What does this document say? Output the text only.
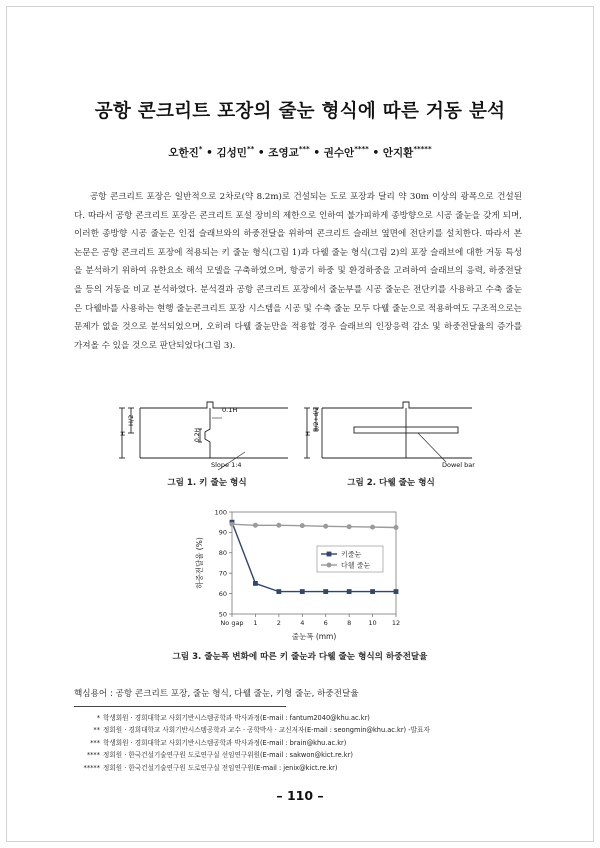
공항 콘크리트 포장의 줄눈 형식에 따른 거동 분석
오한진* • 김성민** • 조영교*** • 권수안**** • 안지환*****

공항 콘크리트 포장은 일반적으로 2차로(약 8.2m)로 건설되는 도로 포장과 달리 약 30m 이상의 광폭으로 건설된다. 따라서 공항 콘크리트 포장은 콘크리트 포설 장비의 제한으로 인하여 불가피하게 종방향으로 시공 줄눈을 갖게 되며, 이러한 종방향 시공 줄눈은 인접 슬래브와의 하중전달을 위하여 콘크리트 슬래브 옆면에 전단키를 설치한다. 따라서 본 논문은 공항 콘크리트 포장에 적용되는 키 줄눈 형식(그림 1)과 다웰 줄눈 형식(그림 2)의 포장 슬래브에 대한 거동 특성을 분석하기 위하여 유한요소 해석 모델을 구축하였으며, 항공기 하중 및 환경하중을 고려하여 슬래브의 응력, 하중전달을 등의 거동을 비교 분석하였다. 분석결과 공항 콘크리트 포장에서 줄눈부를 시공 줄눈은 전단키를 사용하고 수축 줄눈은 다웰바를 사용하는 현행 줄눈콘크리트 포장 시스템을 시공 및 수축 줄눈 모두 다웰 줄눈으로 적용하여도 구조적으로는 문제가 없을 것으로 분석되었으며, 오히려 다웰 줄눈만을 적용할 경우 슬래브의 인장응력 감소 및 하중전달율의 증가를 가져올 수 있을 것으로 판단되었다(그림 3).

H
H/2
0.2H
0.1H
Slope 1:4
그림 1. 키 줄눈 형식
H
H/2+d/2
Dowel bar
그림 2. 다웰 줄눈 형식
50
60
70
80
90
100
No gap 1	2	4	6	8	10 12
줄눈폭 (mm)
하중전달율 (%)	키줄눈
다웰 줄눈
그림 3. 줄눈폭 변화에 따른 키 줄눈과 다웰 줄눈 형식의 하중전달율
핵심용어 : 공항 콘크리트 포장, 줄눈 형식, 다웰 줄눈, 키형 줄눈, 하중전달율
* 학생회원 · 경희대학교 사회기반시스템공학과 박사과정(E-mail : fantum2040@khu.ac.kr)
** 정회원 · 경희대학교 사회기반시스템공학과 교수 · 공학박사 · 교신저자(E-mail : seongmin@khu.ac.kr) -발표자
*** 학생회원 · 경희대학교 사회기반시스템공학과 박사과정(E-mail : brain@khu.ac.kr)
**** 정회원 · 한국건설기술연구원 도로연구실 선임연구위원(E-mail : sakwon@kict.re.kr)
***** 정회원 · 한국건설기술연구원 도로연구실 전임연구원(E-mail : jenix@kict.re.kr)
– 110 –
